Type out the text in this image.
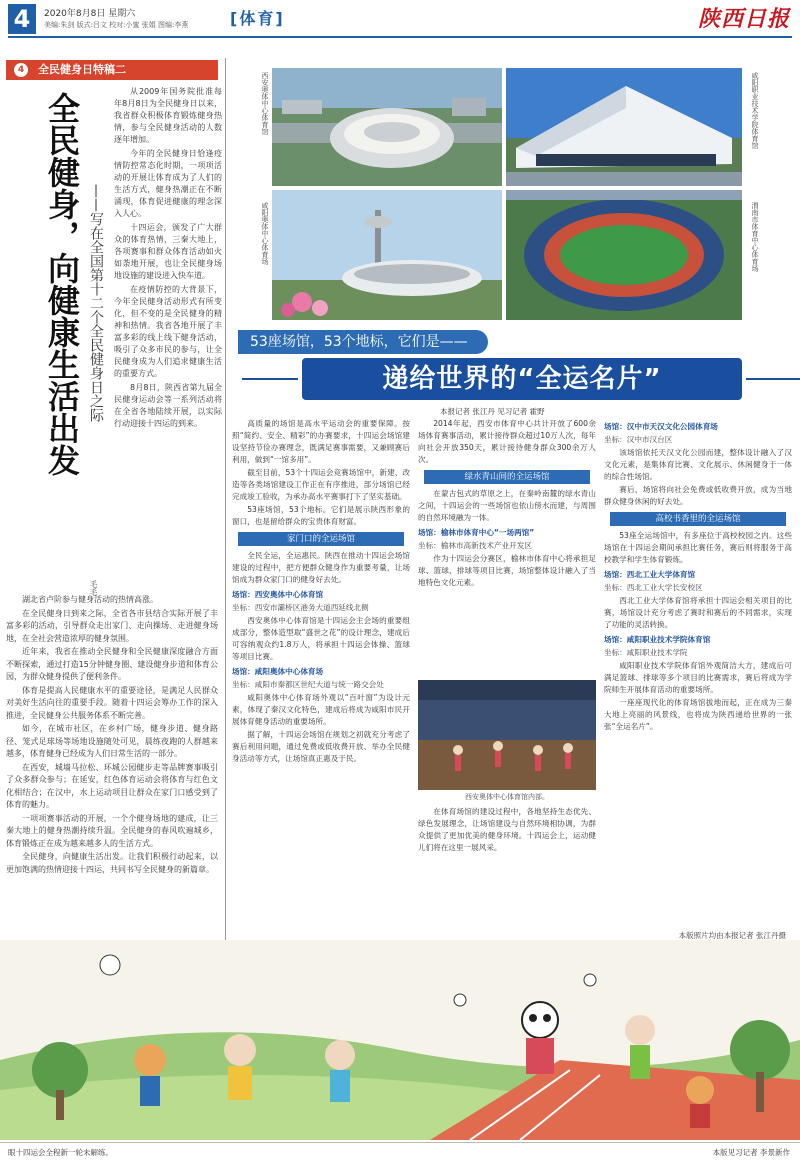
4	2020年8月8日 星期六
美编:朱剑 版式:吕文 校对:小蜜 张娟 图编:李燕	[体育]	陕西日报
4	全民健身日特稿二
全民健身，向健康生活出发 ——写在全国第十二个全民健身日之际
毛毛

从2009年国务院批准每年8月8日为全民健身日以来，我省群众积极体育锻炼健身热情，参与全民健身活动的人数逐年增加。

今年的全民健身日恰逢疫情防控常态化时期，一项项活动的开展让体育成为了人们的生活方式，健身热潮正在不断涌现，体育促进健康的理念深入人心。

十四运会，颁发了广大群众的体育热情，三秦大地上，各项赛事和群众体育活动如火如荼地开展，也让全民健身场地设施的建设进入快车道。

在疫情防控的大背景下，今年全民健身活动形式有所变化，但不变的是全民健身的精神和热情。我省各地开展了丰富多彩的线上线下健身活动，吸引了众多市民的参与，让全民健身成为人们追求健康生活的重要方式。

8月8日，陕西省第九届全民健身运动会等一系列活动将在全省各地陆续开展，以实际行动迎接十四运的到来。

湖北省卢阶参与健身活动的热情高涨。

在全民健身日到来之际，全省各市县结合实际开展了丰富多彩的活动，引导群众走出家门、走向操场、走进健身场地，在全社会营造浓厚的健身氛围。

近年来，我省在推动全民健身和全民健康深度融合方面不断探索，通过打造15分钟健身圈、建设健身步道和体育公园，为群众健身提供了便利条件。

体育是提高人民健康水平的重要途径，是满足人民群众对美好生活向往的重要手段。随着十四运会筹办工作的深入推进，全民健身公共服务体系不断完善。

如今，在城市社区，在乡村广场，健身步道、健身路径、笼式足球场等场地设施随处可见，晨练夜跑的人群越来越多，体育健身已经成为人们日常生活的一部分。

在西安，城墙马拉松、环城公园健步走等品牌赛事吸引了众多群众参与；在延安，红色体育运动会将体育与红色文化相结合；在汉中，水上运动项目让群众在家门口感受到了体育的魅力。

一项项赛事活动的开展，一个个健身场地的建成，让三秦大地上的健身热潮持续升温。全民健身的春风吹遍城乡，体育锻炼正在成为越来越多人的生活方式。

全民健身，向健康生活出发。让我们积极行动起来，以更加饱满的热情迎接十四运，共同书写全民健身的新篇章。

西安奥体中心体育馆	咸阳职业技术学院体育馆
咸阳奥体中心体育场	渭南市体育中心体育场
53座场馆，53个地标，它们是——
递给世界的“全运名片”
本报记者 张江丹 见习记者 霍野

高质量的场馆是高水平运动会的重要保障。按照“简约、安全、精彩”的办赛要求，十四运会场馆建设坚持节俭办赛理念，既满足赛事需要，又兼顾赛后利用，做到“一馆多用”。

截至目前，53个十四运会竞赛场馆中，新建、改造等各类场馆建设工作正在有序推进，部分场馆已经完成竣工验收，为承办高水平赛事打下了坚实基础。

53座场馆，53个地标。它们是展示陕西形象的窗口，也是留给群众的宝贵体育财富。

家门口的全运场馆

全民全运，全运惠民。陕西在推动十四运会场馆建设的过程中，把方便群众健身作为重要考量，让场馆成为群众家门口的健身好去处。

场馆：西安奥体中心体育馆

坐标：西安市灞桥区港务大道西延线北侧

西安奥体中心体育馆是十四运会主会场的重要组成部分，整体造型取“盛世之花”的设计理念，建成后可容纳观众约1.8万人，将承担十四运会体操、篮球等项目比赛。

场馆：咸阳奥体中心体育场

坐标：咸阳市秦都区世纪大道与统一路交会处

咸阳奥体中心体育场外观以“百叶窗”为设计元素，体现了秦汉文化特色，建成后将成为咸阳市民开展体育健身活动的重要场所。

据了解，十四运会场馆在规划之初就充分考虑了赛后利用问题，通过免费或低收费开放、举办全民健身活动等方式，让场馆真正惠及于民。

2014年起，西安市体育中心共计开放了600余场体育赛事活动，累计接待群众超过10万人次，每年向社会开放350天，累计接待健身群众300余万人次。

绿水青山间的全运场馆

在蒙古包式的草原之上，在秦岭南麓的绿水青山之间，十四运会的一些场馆也依山傍水而建，与周围的自然环境融为一体。

场馆：榆林市体育中心“一场两馆”

坐标：榆林市高新技术产业开发区

作为十四运会分赛区，榆林市体育中心将承担足球、篮球、排球等项目比赛，场馆整体设计融入了当地特色文化元素。

西安奥体中心体育馆内部。

在体育场馆的建设过程中，各地坚持生态优先、绿色发展理念，让场馆建设与自然环境相协调，为群众提供了更加优美的健身环境。十四运会上，运动健儿们将在这里一展风采。

场馆：汉中市天汉文化公园体育场

坐标：汉中市汉台区

该场馆依托天汉文化公园而建，整体设计融入了汉文化元素，是集体育比赛、文化展示、休闲健身于一体的综合性场馆。

赛后，场馆将向社会免费或低收费开放，成为当地群众健身休闲的好去处。

高校书香里的全运场馆

53座全运场馆中，有多座位于高校校园之内。这些场馆在十四运会期间承担比赛任务，赛后则将服务于高校教学和学生体育锻炼。

场馆：西北工业大学体育馆

坐标：西北工业大学长安校区

西北工业大学体育馆将承担十四运会相关项目的比赛，场馆设计充分考虑了赛时和赛后的不同需求，实现了功能的灵活转换。

场馆：咸阳职业技术学院体育馆

坐标：咸阳职业技术学院

咸阳职业技术学院体育馆外观简洁大方，建成后可满足篮球、排球等多个项目的比赛需求，赛后将成为学院师生开展体育活动的重要场所。

一座座现代化的体育场馆拔地而起，正在成为三秦大地上亮丽的风景线，也将成为陕西递给世界的一张张“全运名片”。

本版照片均由本报记者 张江丹摄
眼十四运会全程新一轮未解练。	本版见习记者 李景新作
